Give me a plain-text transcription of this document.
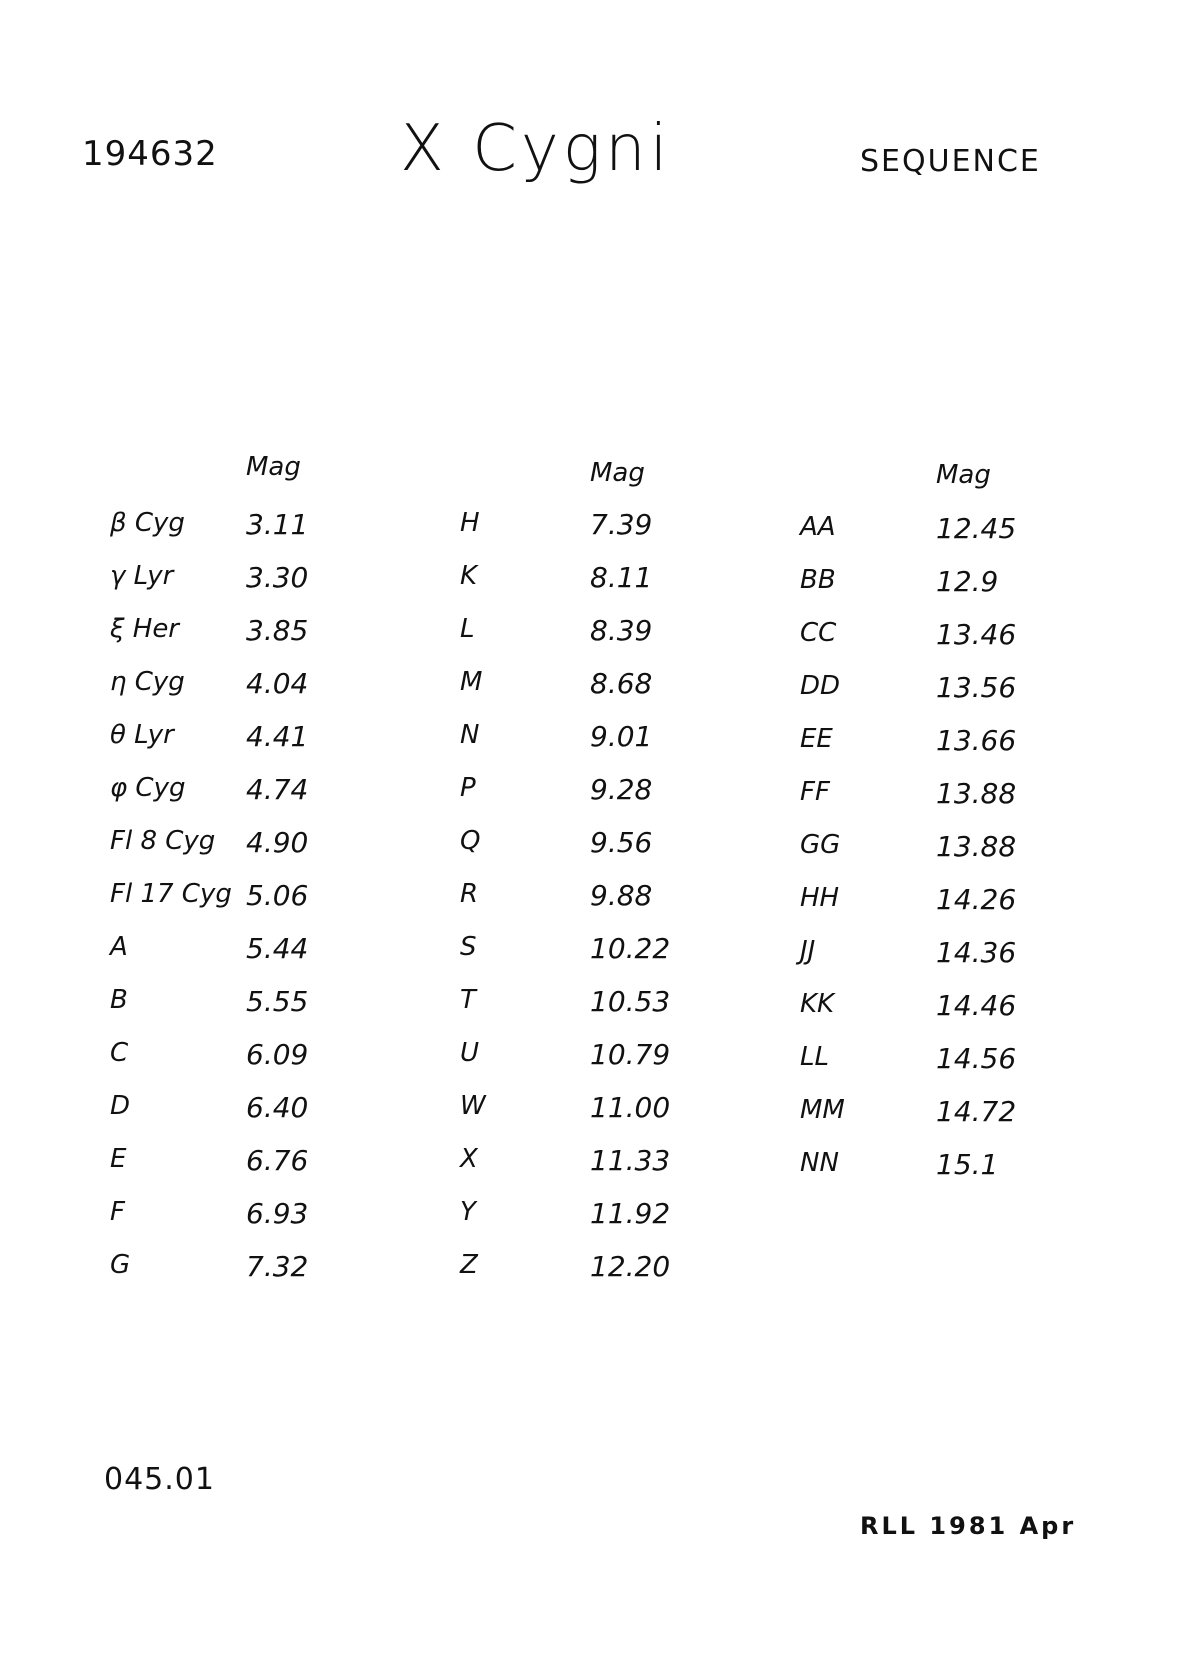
194632	X Cygni	SEQUENCE
Mag
β Cyg 3.11
γ Lyr	3.30
ξ Her 3.85
η Cyg 4.04
θ Lyr	4.41
φ Cyg 4.74
Fl 8 Cyg 4.90
Fl 17 Cyg 5.06
A	5.44
B	5.55
C	6.09
D	6.40
E	6.76
F	6.93
G	7.32
Mag
H	7.39
K	8.11
L	8.39
M	8.68
N	9.01
P	9.28
Q	9.56
R	9.88
S	10.22
T	10.53
U	10.79
W	11.00
X	11.33
Y	11.92
Z	12.20
Mag
AA	12.45
BB	12.9
CC	13.46
DD	13.56
EE	13.66
FF	13.88
GG	13.88
HH	14.26
JJ	14.36
KK	14.46
LL	14.56
MM	14.72
NN	15.1
045.01
RLL 1981 Apr
